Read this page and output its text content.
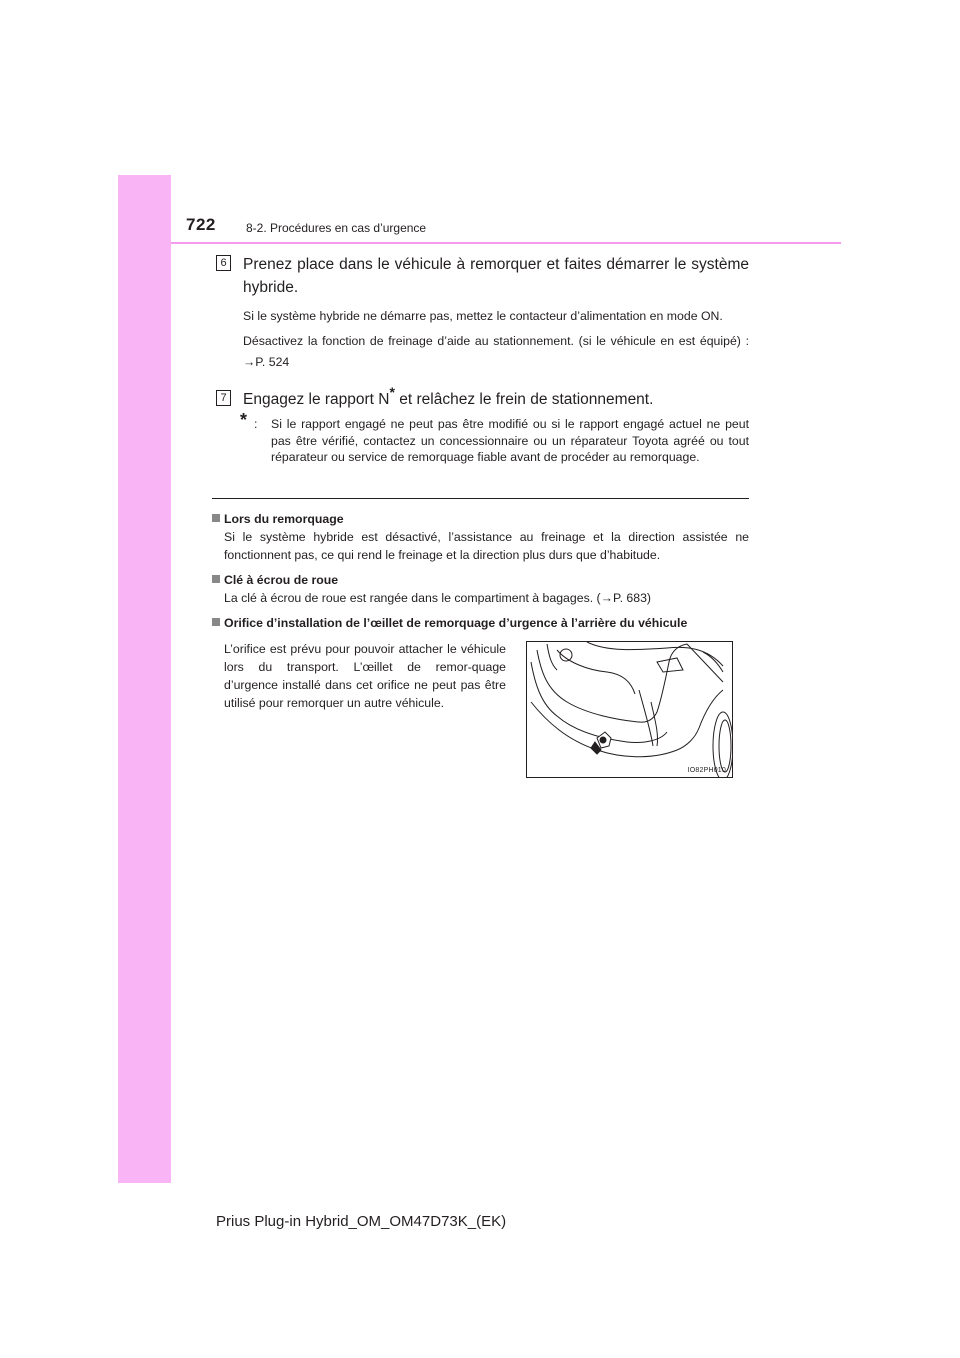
722	8-2. Procédures en cas d’urgence
6 Prenez place dans le véhicule à remorquer et faites démarrer le système hybride.
Si le système hybride ne démarre pas, mettez le contacteur d’alimentation en mode ON.
Désactivez la fonction de freinage d’aide au stationnement. (si le véhicule en est équipé) : →P. 524
7 Engagez le rapport N* et relâchez le frein de stationnement.
* :	Si le rapport engagé ne peut pas être modifié ou si le rapport engagé actuel ne peut pas être vérifié, contactez un concessionnaire ou un réparateur Toyota agréé ou tout réparateur ou service de remorquage fiable avant de procéder au remorquage.
Lors du remorquage
Si le système hybride est désactivé, l’assistance au freinage et la direction assistée ne fonctionnent pas, ce qui rend le freinage et la direction plus durs que d’habitude.
Clé à écrou de roue
La clé à écrou de roue est rangée dans le compartiment à bagages. (→P. 683)
Orifice d’installation de l’œillet de remorquage d’urgence à l’arrière du véhicule
L’orifice est prévu pour pouvoir attacher le véhicule lors du transport. L’œillet de remor-quage d’urgence installé dans cet orifice ne peut pas être utilisé pour remorquer un autre véhicule.
IO82PH010
Prius Plug-in Hybrid_OM_OM47D73K_(EK)
